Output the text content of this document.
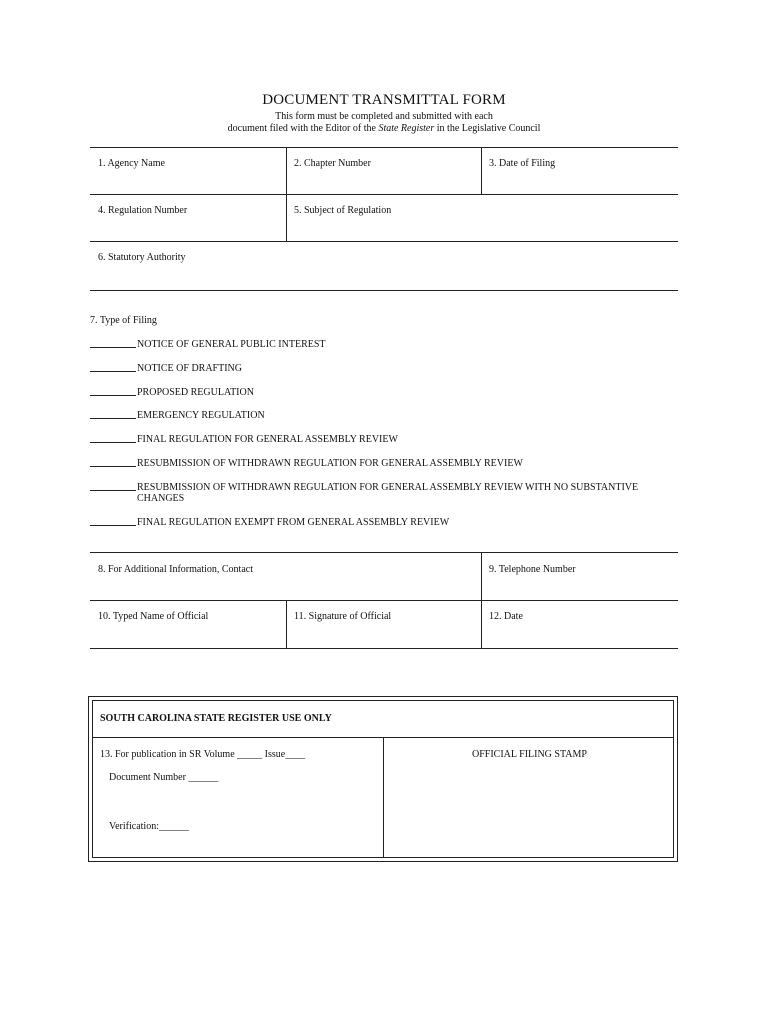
DOCUMENT TRANSMITTAL FORM
This form must be completed and submitted with each
document filed with the Editor of the State Register in the Legislative Council
1. Agency Name	2. Chapter Number	3. Date of Filing
4. Regulation Number	5. Subject of Regulation
6. Statutory Authority
7. Type of Filing
NOTICE OF GENERAL PUBLIC INTEREST
NOTICE OF DRAFTING
PROPOSED REGULATION
EMERGENCY REGULATION
FINAL REGULATION FOR GENERAL ASSEMBLY REVIEW
RESUBMISSION OF WITHDRAWN REGULATION FOR GENERAL ASSEMBLY REVIEW
RESUBMISSION OF WITHDRAWN REGULATION FOR GENERAL ASSEMBLY REVIEW WITH NO SUBSTANTIVE CHANGES
FINAL REGULATION EXEMPT FROM GENERAL ASSEMBLY REVIEW
8. For Additional Information, Contact	9. Telephone Number
10. Typed Name of Official	11. Signature of Official	12. Date
SOUTH CAROLINA STATE REGISTER USE ONLY
13. For publication in SR Volume _____ Issue____
Document Number ______
Verification:______
OFFICIAL FILING STAMP
